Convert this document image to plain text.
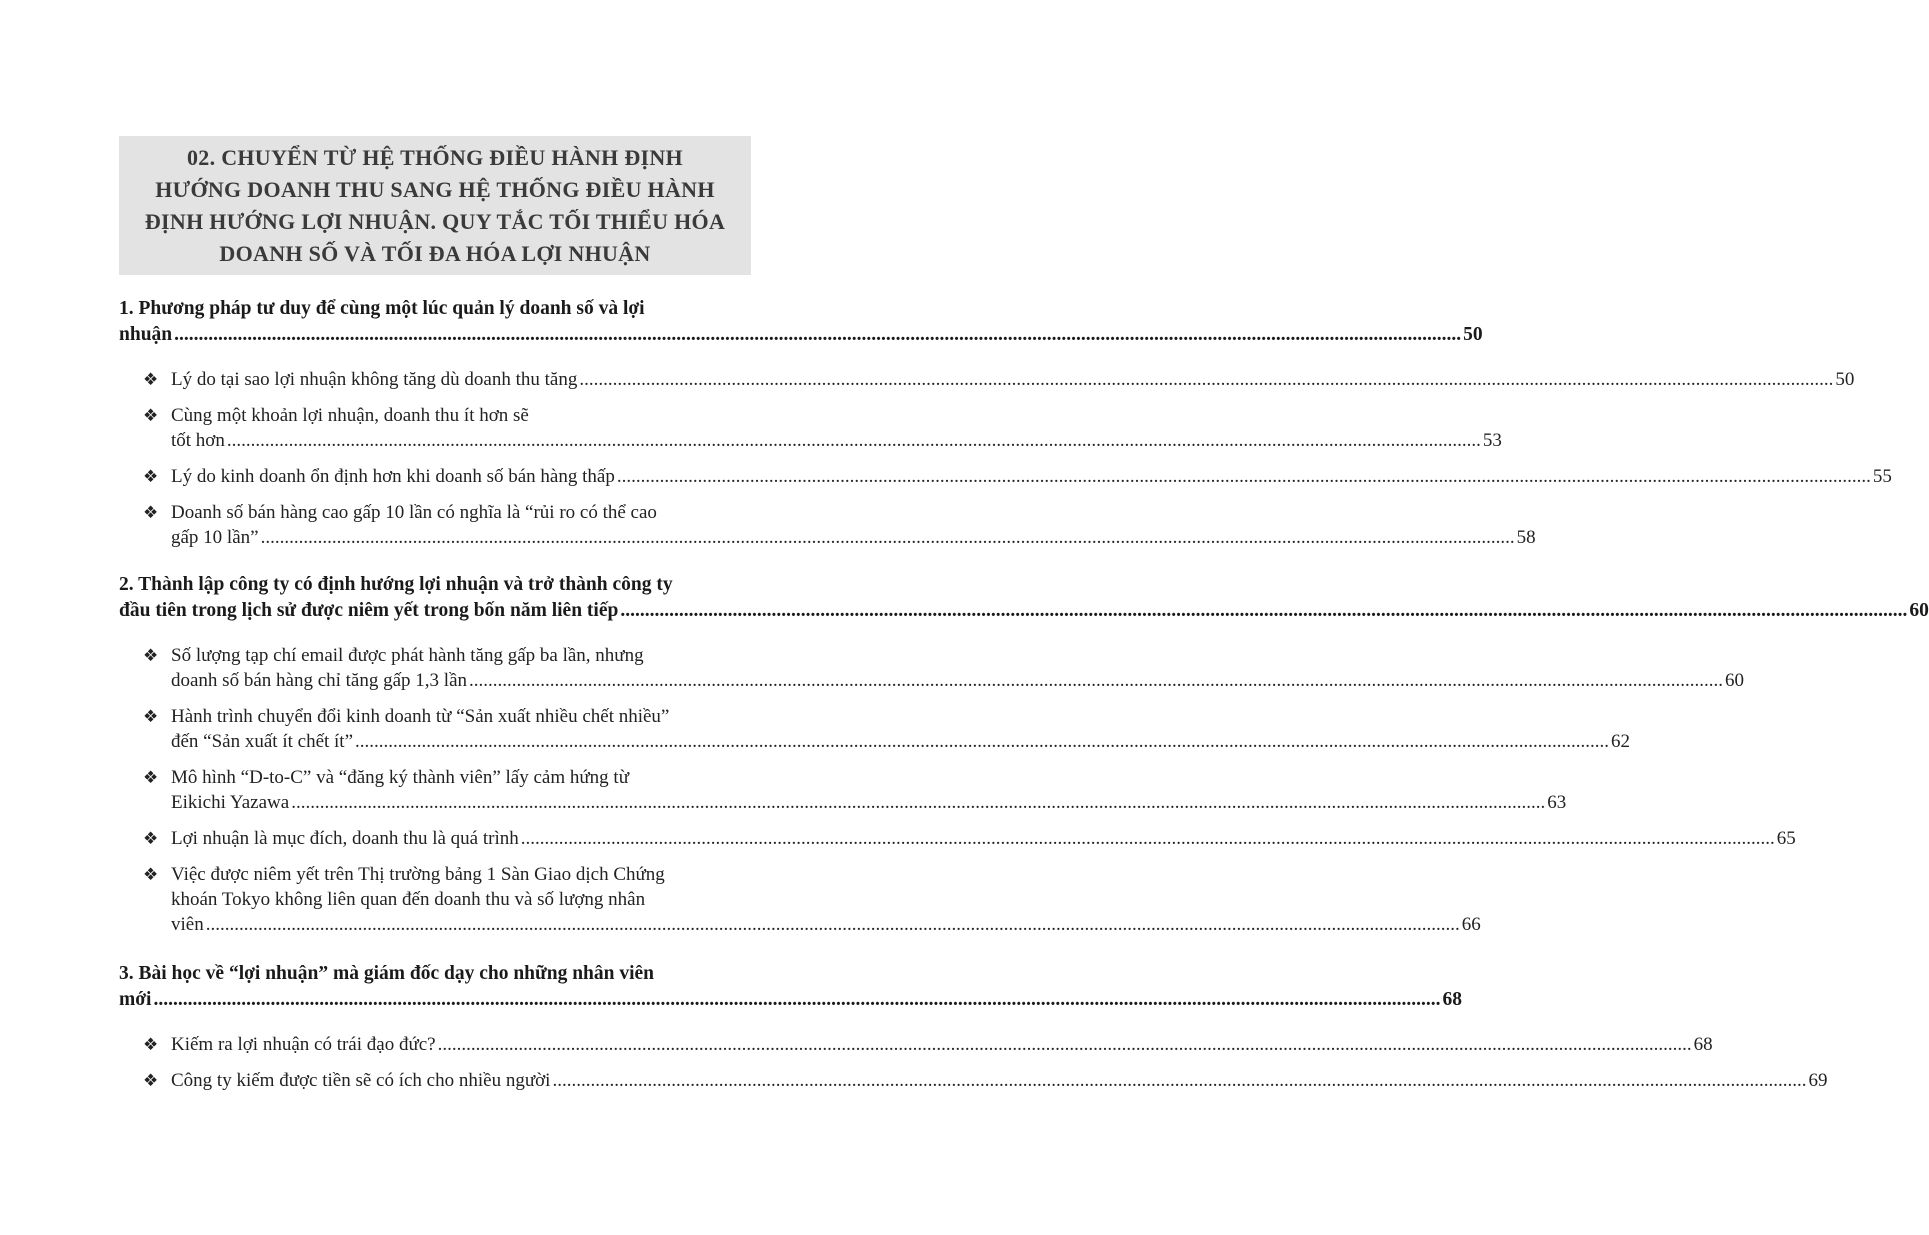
02. CHUYỂN TỪ HỆ THỐNG ĐIỀU HÀNH ĐỊNH
HƯỚNG DOANH THU SANG HỆ THỐNG ĐIỀU HÀNH
ĐỊNH HƯỚNG LỢI NHUẬN. QUY TẮC TỐI THIỂU HÓA
DOANH SỐ VÀ TỐI ĐA HÓA LỢI NHUẬN
1. Phương pháp tư duy để cùng một lúc quản lý doanh số và lợi
nhuận .....	50
❖ Lý do tại sao lợi nhuận không tăng dù doanh thu tăng .....	50
❖ Cùng một khoản lợi nhuận, doanh thu ít hơn sẽ
tốt hơn .....	53
❖ Lý do kinh doanh ổn định hơn khi doanh số bán hàng thấp .....	55
❖ Doanh số bán hàng cao gấp 10 lần có nghĩa là “rủi ro có thể cao
gấp 10 lần” .....	58
2. Thành lập công ty có định hướng lợi nhuận và trở thành công ty
đầu tiên trong lịch sử được niêm yết trong bốn năm liên tiếp .....	60
❖ Số lượng tạp chí email được phát hành tăng gấp ba lần, nhưng
doanh số bán hàng chỉ tăng gấp 1,3 lần .....	60
❖ Hành trình chuyển đổi kinh doanh từ “Sản xuất nhiều chết nhiều”
đến “Sản xuất ít chết ít” .....	62
❖ Mô hình “D-to-C” và “đăng ký thành viên” lấy cảm hứng từ
Eikichi Yazawa .....	63
❖ Lợi nhuận là mục đích, doanh thu là quá trình .....	65
❖ Việc được niêm yết trên Thị trường bảng 1 Sàn Giao dịch Chứng
khoán Tokyo không liên quan đến doanh thu và số lượng nhân
viên .....	66
3. Bài học về “lợi nhuận” mà giám đốc dạy cho những nhân viên
mới .....	68
❖ Kiếm ra lợi nhuận có trái đạo đức? .....	68
❖ Công ty kiếm được tiền sẽ có ích cho nhiều người .....	69
